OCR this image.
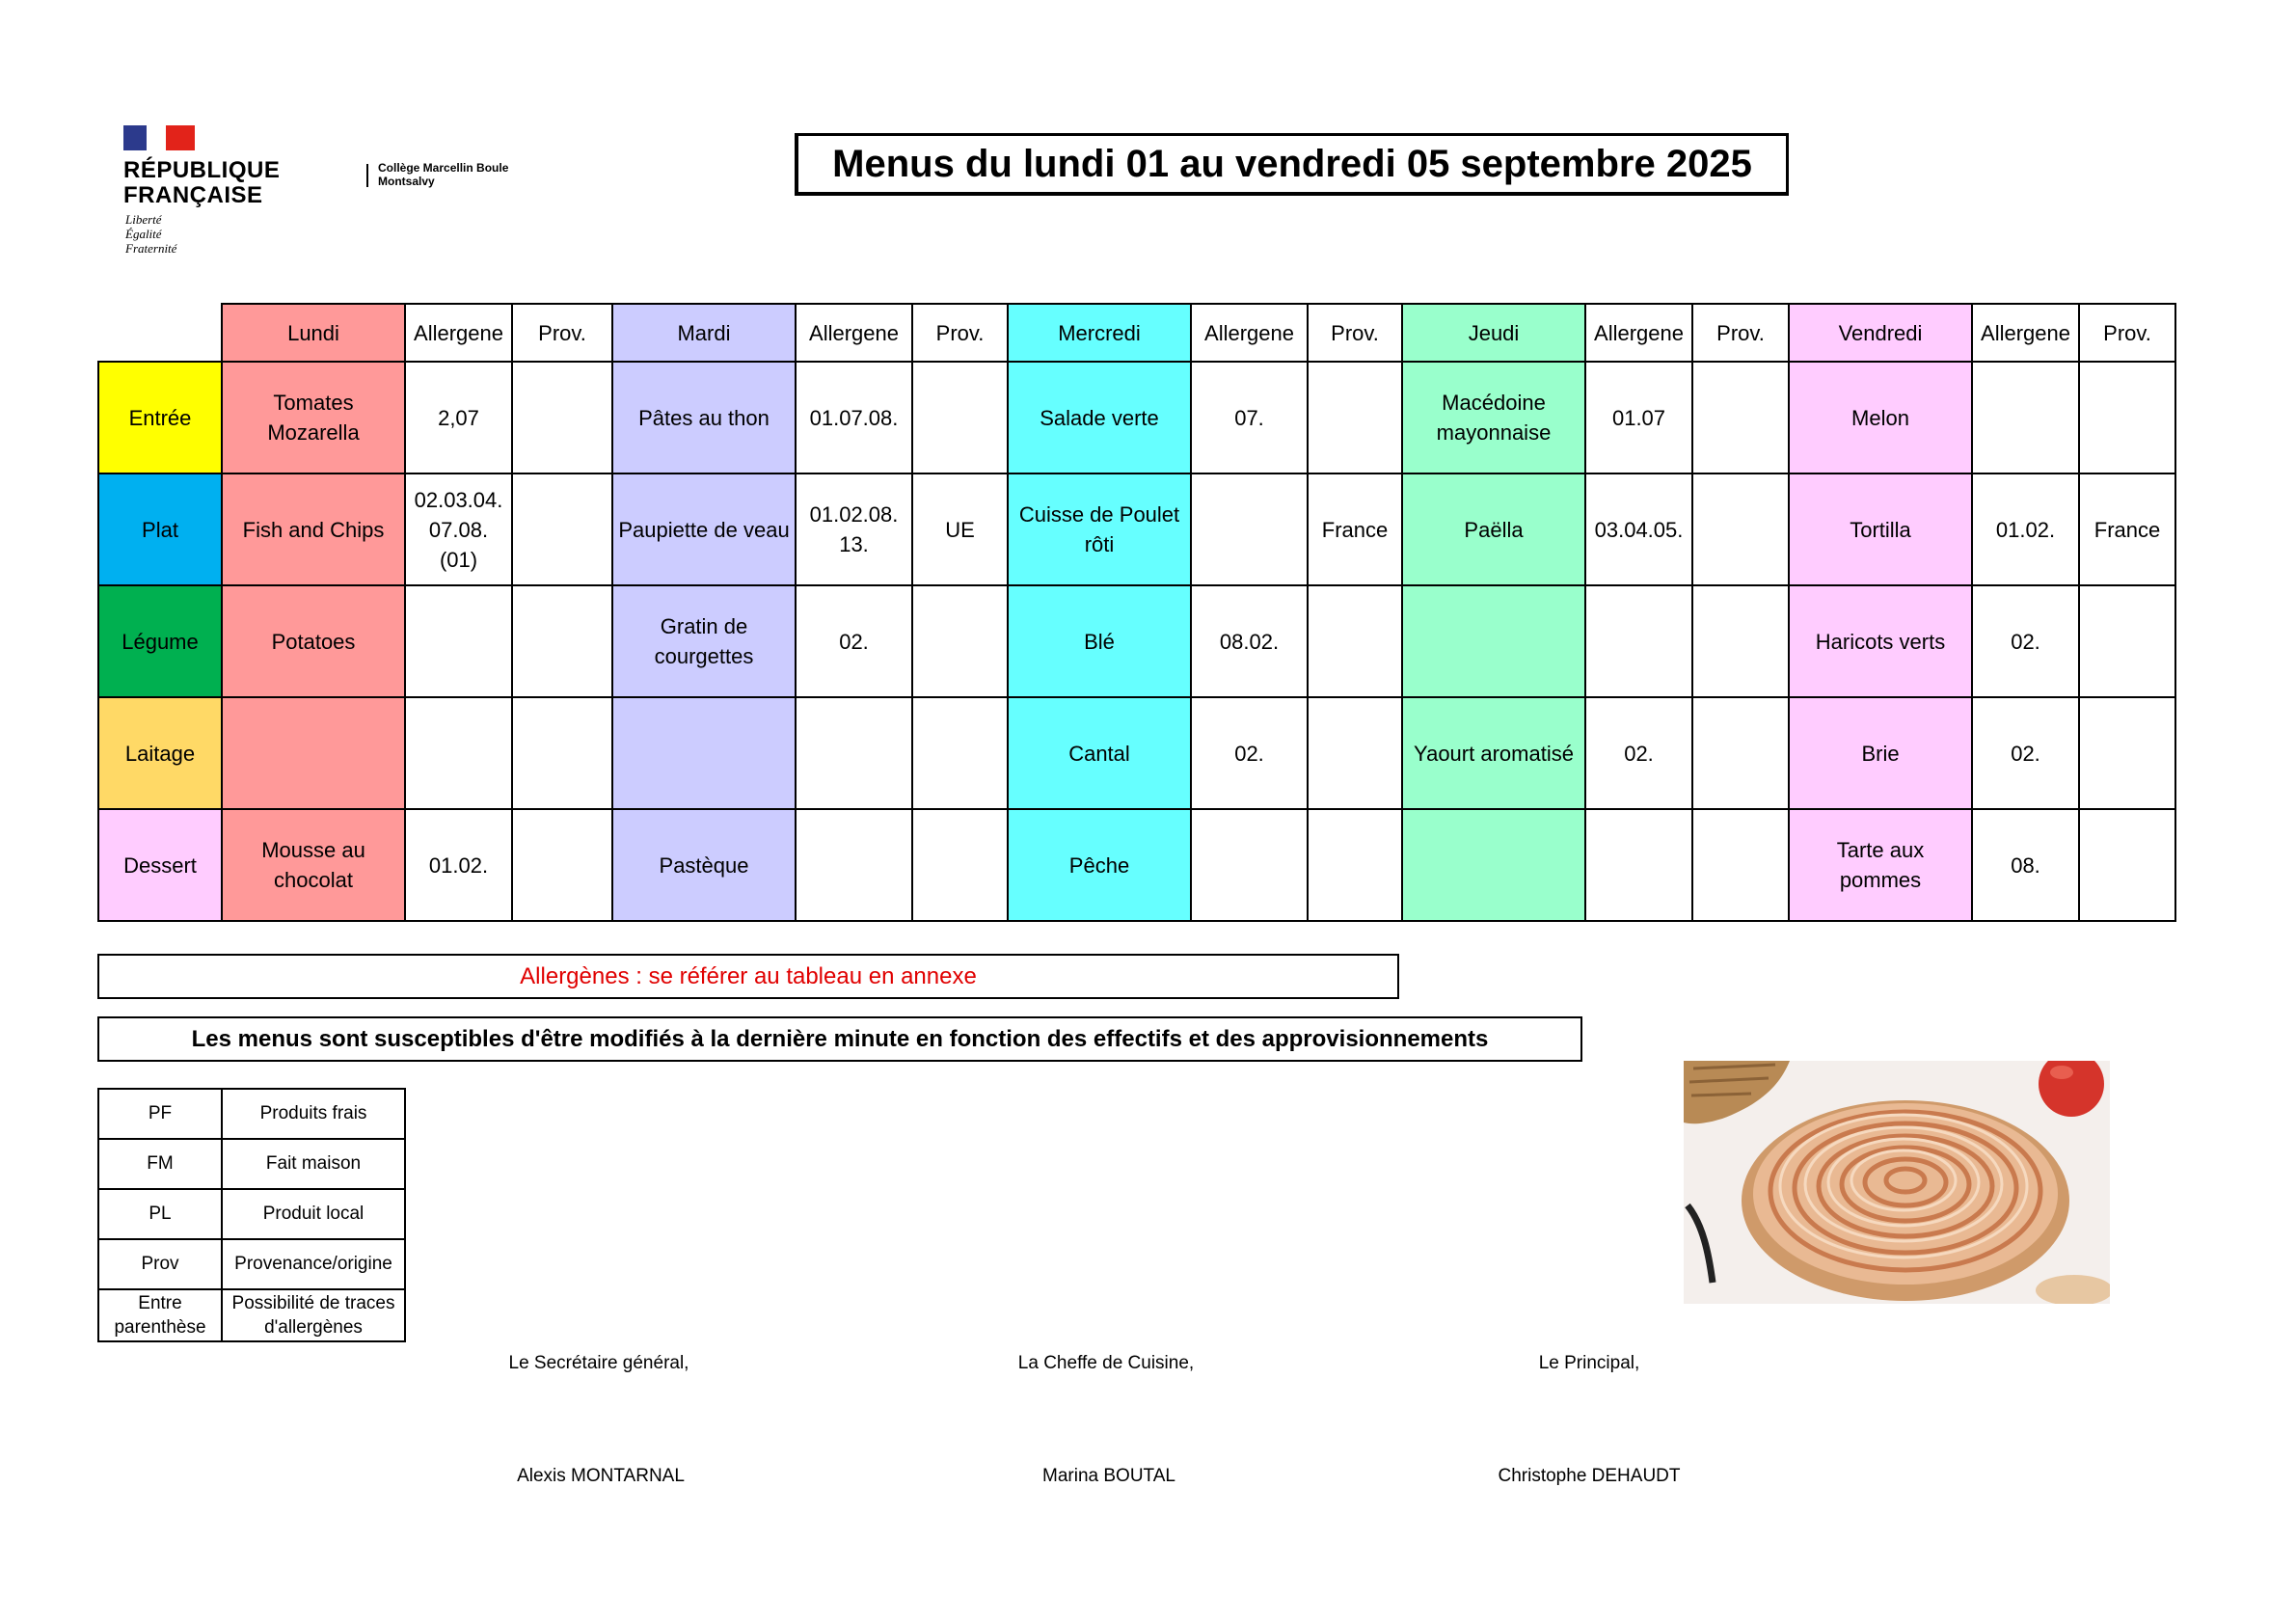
RÉPUBLIQUE
FRANÇAISE
Liberté
Égalité
Fraternité
Collège Marcellin Boule
Montsalvy	Menus du lundi 01 au vendredi 05 septembre 2025
	Lundi	Allergene	Prov.	Mardi	Allergene	Prov.	Mercredi	Allergene	Prov.	Jeudi	Allergene	Prov.	Vendredi	Allergene	Prov.
Entrée	Tomates Mozarella	2,07		Pâtes au thon	01.07.08.		Salade verte	07.		Macédoine mayonnaise	01.07		Melon		
Plat	Fish and Chips	02.03.04. 07.08. (01)		Paupiette de veau	01.02.08. 13.	UE	Cuisse de Poulet rôti		France	Paëlla	03.04.05.		Tortilla	01.02.	France
Légume	Potatoes			Gratin de courgettes	02.		Blé	08.02.					Haricots verts	02.	
Laitage							Cantal	02.		Yaourt aromatisé	02.		Brie	02.	
Dessert	Mousse au chocolat	01.02.		Pastèque			Pêche						Tarte aux pommes	08.	
Allergènes : se référer au tableau en annexe
Les menus sont susceptibles d'être modifiés à la dernière minute en fonction des effectifs et des approvisionnements
PF	Produits frais
FM	Fait maison
PL	Produit local
Prov	Provenance/origine
Entre parenthèse	Possibilité de traces d'allergènes
Le Secrétaire général,	La Cheffe de Cuisine,	Le Principal,
Alexis MONTARNAL	Marina BOUTAL	Christophe DEHAUDT
